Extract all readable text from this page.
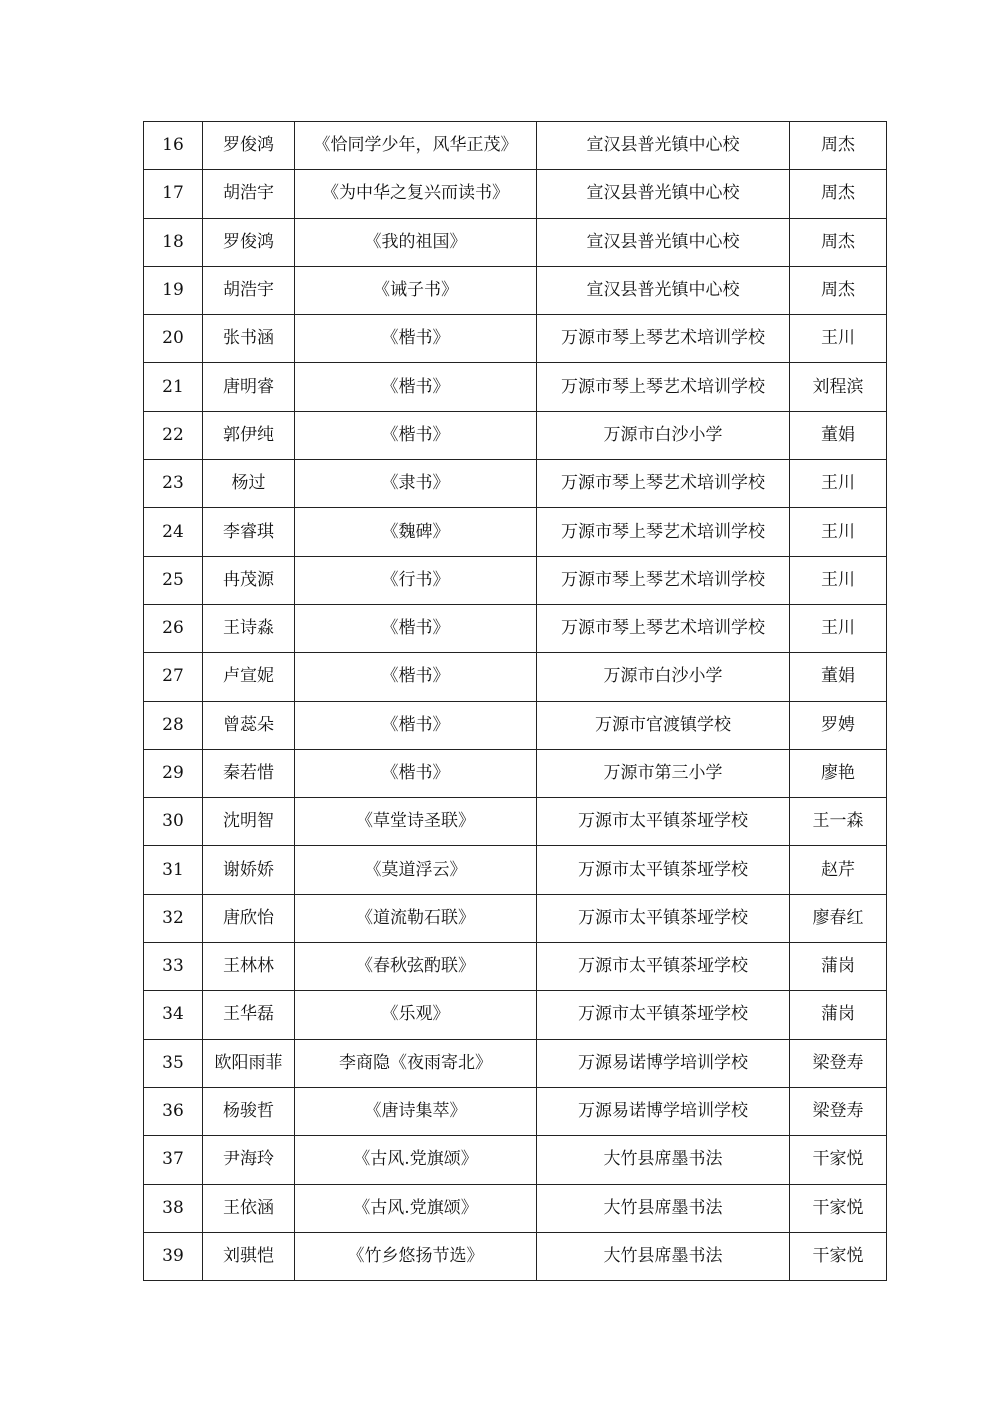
16	罗俊鸿	《恰同学少年，风华正茂》	宣汉县普光镇中心校	周杰
17	胡浩宇	《为中华之复兴而读书》	宣汉县普光镇中心校	周杰
18	罗俊鸿	《我的祖国》	宣汉县普光镇中心校	周杰
19	胡浩宇	《诫子书》	宣汉县普光镇中心校	周杰
20	张书涵	《楷书》	万源市琴上琴艺术培训学校	王川
21	唐明睿	《楷书》	万源市琴上琴艺术培训学校	刘程滨
22	郭伊纯	《楷书》	万源市白沙小学	董娟
23	杨过	《隶书》	万源市琴上琴艺术培训学校	王川
24	李睿琪	《魏碑》	万源市琴上琴艺术培训学校	王川
25	冉茂源	《行书》	万源市琴上琴艺术培训学校	王川
26	王诗淼	《楷书》	万源市琴上琴艺术培训学校	王川
27	卢宣妮	《楷书》	万源市白沙小学	董娟
28	曾蕊朵	《楷书》	万源市官渡镇学校	罗娉
29	秦若惜	《楷书》	万源市第三小学	廖艳
30	沈明智	《草堂诗圣联》	万源市太平镇茶垭学校	王一森
31	谢娇娇	《莫道浮云》	万源市太平镇茶垭学校	赵芹
32	唐欣怡	《道流勒石联》	万源市太平镇茶垭学校	廖春红
33	王林林	《春秋弦酌联》	万源市太平镇茶垭学校	蒲岗
34	王华磊	《乐观》	万源市太平镇茶垭学校	蒲岗
35	欧阳雨菲	李商隐《夜雨寄北》	万源易诺博学培训学校	梁登寿
36	杨骏哲	《唐诗集萃》	万源易诺博学培训学校	梁登寿
37	尹海玲	《古风.党旗颂》	大竹县席墨书法	干家悦
38	王依涵	《古风.党旗颂》	大竹县席墨书法	干家悦
39	刘骐恺	《竹乡悠扬节选》	大竹县席墨书法	干家悦
